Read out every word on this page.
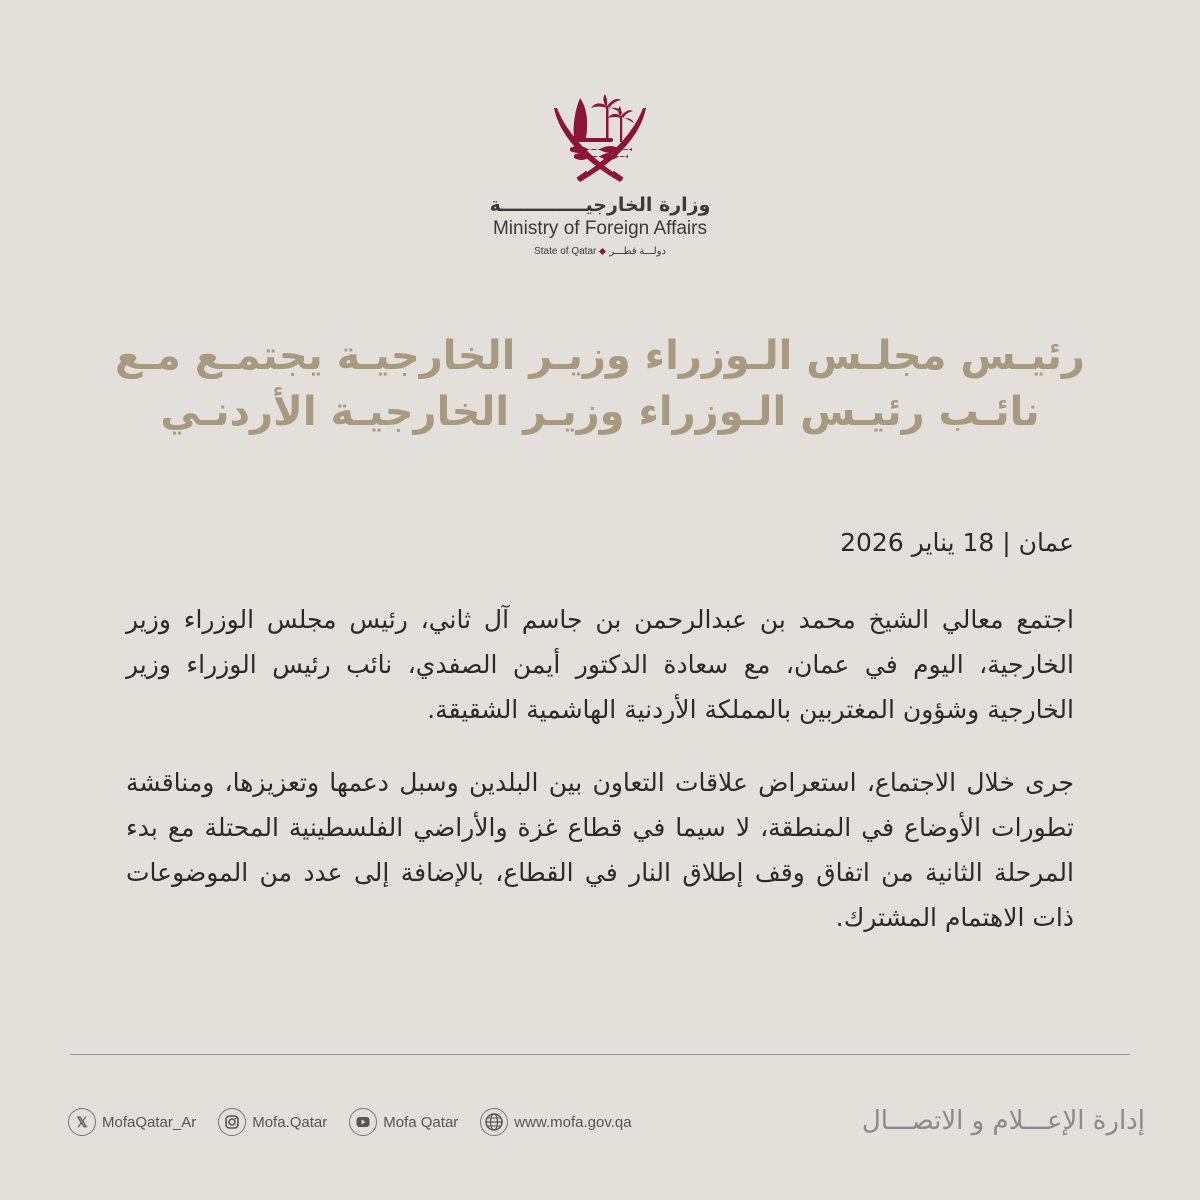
وزارة الخارجيـــــــــــــة
Ministry of Foreign Affairs
State of Qatar دولـــة قطـــر
رئيـس مجلـس الـوزراء وزيـر الخارجيـة يجتمـع مـع
نائـب رئيـس الـوزراء وزيـر الخارجيـة الأردنـي

عمان | 18 يناير 2026

اجتمع معالي الشيخ محمد بن عبدالرحمن بن جاسم آل ثاني، رئيس مجلس الوزراء وزير الخارجية، اليوم في عمان، مع سعادة الدكتور أيمن الصفدي، نائب رئيس الوزراء وزير الخارجية وشؤون المغتربين بالمملكة الأردنية الهاشمية الشقيقة.

جرى خلال الاجتماع، استعراض علاقات التعاون بين البلدين وسبل دعمها وتعزيزها، ومناقشة تطورات الأوضاع في المنطقة، لا سيما في قطاع غزة والأراضي الفلسطينية المحتلة مع بدء المرحلة الثانية من اتفاق وقف إطلاق النار في القطاع، بالإضافة إلى عدد من الموضوعات ذات الاهتمام المشترك.

𝕏 MofaQatar_Ar	Mofa.Qatar	Mofa Qatar	www.mofa.gov.qa	إدارة الإعـــلام و الاتصـــال
